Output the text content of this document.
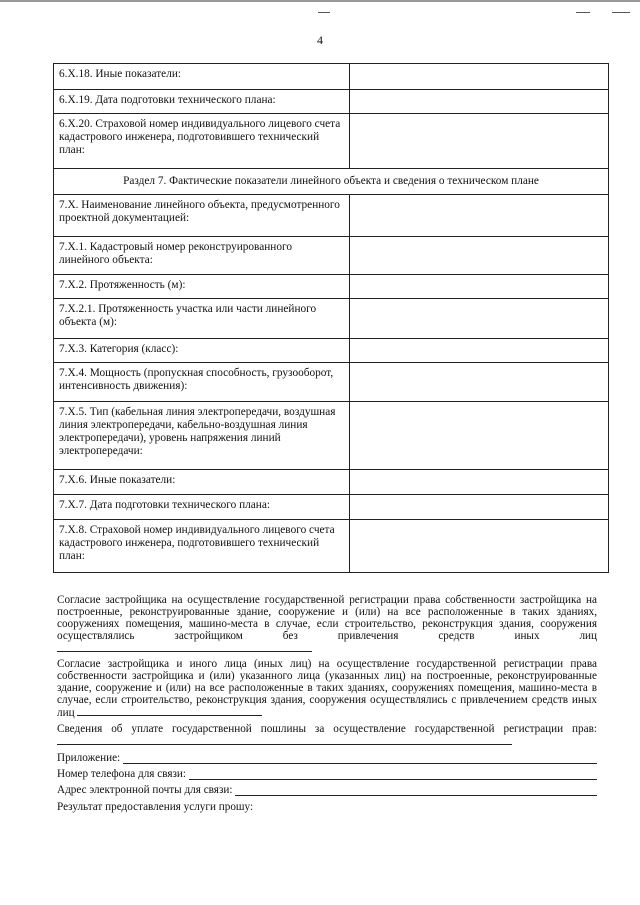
4
6.Х.18. Иные показатели:	
6.Х.19. Дата подготовки технического плана:	
6.Х.20. Страховой номер индивидуального лицевого счета кадастрового инженера, подготовившего технический план:	
Раздел 7. Фактические показатели линейного объекта и сведения о техническом плане	
7.Х. Наименование линейного объекта, предусмотренного проектной документацией:	
7.Х.1. Кадастровый номер реконструированного линейного объекта:	
7.Х.2. Протяженность (м):	
7.Х.2.1. Протяженность участка или части линейного объекта (м):	
7.Х.3. Категория (класс):	
7.Х.4. Мощность (пропускная способность, грузооборот, интенсивность движения):	
7.Х.5. Тип (кабельная линия электропередачи, воздушная линия электропередачи, кабельно-воздушная линия электропередачи), уровень напряжения линий электропередачи:	
7.Х.6. Иные показатели:	
7.Х.7. Дата подготовки технического плана:	
7.Х.8. Страховой номер индивидуального лицевого счета кадастрового инженера, подготовившего технический план:	
Согласие застройщика на осуществление государственной регистрации права собственности застройщика на построенные, реконструированные здание, сооружение и (или) на все расположенные в таких зданиях, сооружениях помещения, машино-места в случае, если строительство, реконструкция здания, сооружения осуществлялись застройщиком без привлечения средств иных лиц
Согласие застройщика и иного лица (иных лиц) на осуществление государственной регистрации права собственности застройщика и (или) указанного лица (указанных лиц) на построенные, реконструированные здание, сооружение и (или) на все расположенные в таких зданиях, сооружениях помещения, машино-места в случае, если строительство, реконструкция здания, сооружения осуществлялись с привлечением средств иных лиц
Сведения об уплате государственной пошлины за осуществление государственной регистрации прав:
Приложение:
Номер телефона для связи:
Адрес электронной почты для связи:
Результат предоставления услуги прошу:
